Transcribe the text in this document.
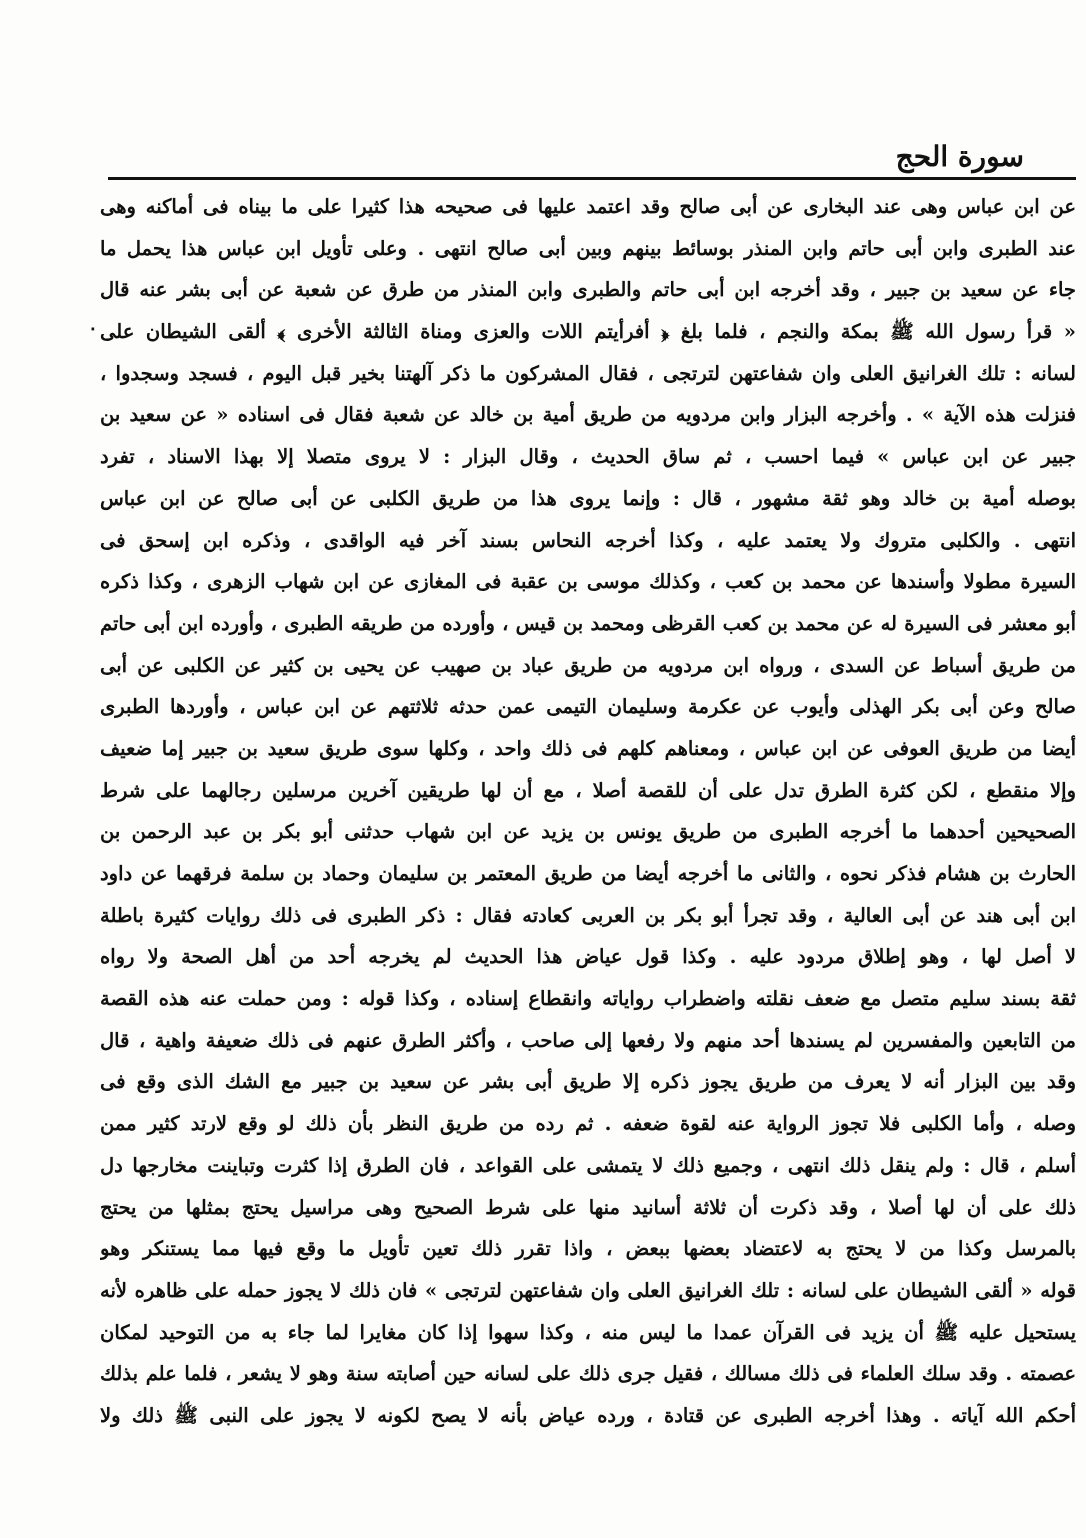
سورة الحج
٠
عن ابن عباس وهى عند البخارى عن أبى صالح وقد اعتمد عليها فى صحيحه هذا كثيرا على ما بيناه فى أماكنه وهى
عند الطبرى وابن أبى حاتم وابن المنذر بوسائط بينهم وبين أبى صالح انتهى . وعلى تأويل ابن عباس هذا يحمل ما
جاء عن سعيد بن جبير ، وقد أخرجه ابن أبى حاتم والطبرى وابن المنذر من طرق عن شعبة عن أبى بشر عنه قال
« قرأ رسول الله ﷺ بمكة والنجم ، فلما بلغ ﴿ أفرأيتم اللات والعزى ومناة الثالثة الأخرى ﴾ ألقى الشيطان على
لسانه : تلك الغرانيق العلى وان شفاعتهن لترتجى ، فقال المشركون ما ذكر آلهتنا بخير قبل اليوم ، فسجد وسجدوا ،
فنزلت هذه الآية » . وأخرجه البزار وابن مردويه من طريق أمية بن خالد عن شعبة فقال فى اسناده « عن سعيد بن
جبير عن ابن عباس » فيما احسب ، ثم ساق الحديث ، وقال البزار : لا يروى متصلا إلا بهذا الاسناد ، تفرد
بوصله أمية بن خالد وهو ثقة مشهور ، قال : وإنما يروى هذا من طريق الكلبى عن أبى صالح عن ابن عباس
انتهى . والكلبى متروك ولا يعتمد عليه ، وكذا أخرجه النحاس بسند آخر فيه الواقدى ، وذكره ابن إسحق فى
السيرة مطولا وأسندها عن محمد بن كعب ، وكذلك موسى بن عقبة فى المغازى عن ابن شهاب الزهرى ، وكذا ذكره
أبو معشر فى السيرة له عن محمد بن كعب القرظى ومحمد بن قيس ، وأورده من طريقه الطبرى ، وأورده ابن أبى حاتم
من طريق أسباط عن السدى ، ورواه ابن مردويه من طريق عباد بن صهيب عن يحيى بن كثير عن الكلبى عن أبى
صالح وعن أبى بكر الهذلى وأيوب عن عكرمة وسليمان التيمى عمن حدثه ثلاثتهم عن ابن عباس ، وأوردها الطبرى
أيضا من طريق العوفى عن ابن عباس ، ومعناهم كلهم فى ذلك واحد ، وكلها سوى طريق سعيد بن جبير إما ضعيف
وإلا منقطع ، لكن كثرة الطرق تدل على أن للقصة أصلا ، مع أن لها طريقين آخرين مرسلين رجالهما على شرط
الصحيحين أحدهما ما أخرجه الطبرى من طريق يونس بن يزيد عن ابن شهاب حدثنى أبو بكر بن عبد الرحمن بن
الحارث بن هشام فذكر نحوه ، والثانى ما أخرجه أيضا من طريق المعتمر بن سليمان وحماد بن سلمة فرقهما عن داود
ابن أبى هند عن أبى العالية ، وقد تجرأ أبو بكر بن العربى كعادته فقال : ذكر الطبرى فى ذلك روايات كثيرة باطلة
لا أصل لها ، وهو إطلاق مردود عليه . وكذا قول عياض هذا الحديث لم يخرجه أحد من أهل الصحة ولا رواه
ثقة بسند سليم متصل مع ضعف نقلته واضطراب رواياته وانقطاع إسناده ، وكذا قوله : ومن حملت عنه هذه القصة
من التابعين والمفسرين لم يسندها أحد منهم ولا رفعها إلى صاحب ، وأكثر الطرق عنهم فى ذلك ضعيفة واهية ، قال
وقد بين البزار أنه لا يعرف من طريق يجوز ذكره إلا طريق أبى بشر عن سعيد بن جبير مع الشك الذى وقع فى
وصله ، وأما الكلبى فلا تجوز الرواية عنه لقوة ضعفه . ثم رده من طريق النظر بأن ذلك لو وقع لارتد كثير ممن
أسلم ، قال : ولم ينقل ذلك انتهى ، وجميع ذلك لا يتمشى على القواعد ، فان الطرق إذا كثرت وتباينت مخارجها دل
ذلك على أن لها أصلا ، وقد ذكرت أن ثلاثة أسانيد منها على شرط الصحيح وهى مراسيل يحتج بمثلها من يحتج
بالمرسل وكذا من لا يحتج به لاعتضاد بعضها ببعض ، واذا تقرر ذلك تعين تأويل ما وقع فيها مما يستنكر وهو
قوله « ألقى الشيطان على لسانه : تلك الغرانيق العلى وان شفاعتهن لترتجى » فان ذلك لا يجوز حمله على ظاهره لأنه
يستحيل عليه ﷺ أن يزيد فى القرآن عمدا ما ليس منه ، وكذا سهوا إذا كان مغايرا لما جاء به من التوحيد لمكان
عصمته . وقد سلك العلماء فى ذلك مسالك ، فقيل جرى ذلك على لسانه حين أصابته سنة وهو لا يشعر ، فلما علم بذلك
أحكم الله آياته . وهذا أخرجه الطبرى عن قتادة ، ورده عياض بأنه لا يصح لكونه لا يجوز على النبى ﷺ ذلك ولا
